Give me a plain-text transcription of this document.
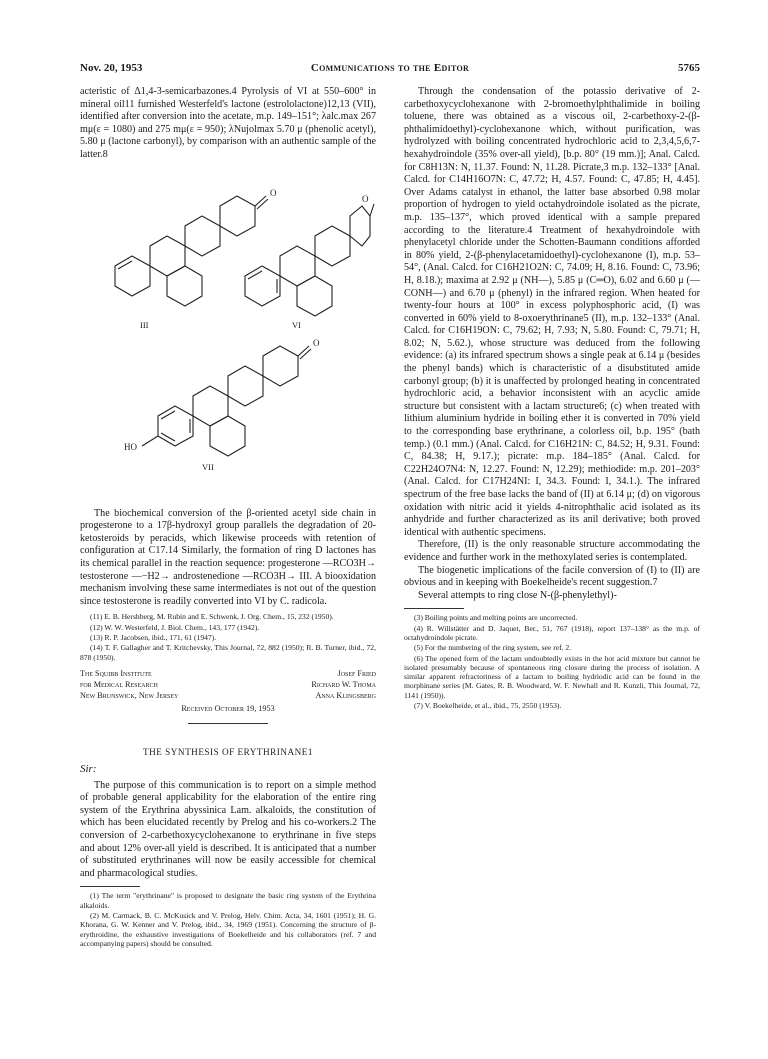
Nov. 20, 1953	Communications to the Editor	5765

acteristic of Δ1,4-3-semicarbazones.4 Pyrolysis of VI at 550–600° in mineral oil11 furnished Westerfeld's lactone (estrololactone)12,13 (VII), identified after conversion into the acetate, m.p. 149–151°; λalc.max 267 mμ(ε = 1080) and 275 mμ(ε = 950); λNujolmax 5.70 μ (phenolic acetyl), 5.80 μ (lactone carbonyl), by comparison with an authentic sample of the latter.8

O
O
O
III	VI
HO
VII

The biochemical conversion of the β-oriented acetyl side chain in progesterone to a 17β-hydroxyl group parallels the degradation of 20-ketosteroids by peracids, which likewise proceeds with retention of configuration at C17.14 Similarly, the formation of ring D lactones has its chemical parallel in the reaction sequence: progesterone —RCO3H→ testosterone —−H2→ androstenedione —RCO3H→ III. A biooxidation mechanism involving these same intermediates is not out of the question since testosterone is readily converted into VI by C. radicola.

(11) E. B. Hershberg, M. Rubin and E. Schwenk, J. Org. Chem., 15, 232 (1950).

(12) W. W. Westerfeld, J. Biol. Chem., 143, 177 (1942).

(13) R. P. Jacobsen, ibid., 171, 61 (1947).

(14) T. F. Gallagher and T. Kritchevsky, This Journal, 72, 882 (1950); R. B. Turner, ibid., 72, 878 (1950).

The Squibb Institute
for Medical Research
New Brunswick, New Jersey
Josef Fried
Richard W. Thoma
Anna Klingsberg
Received October 19, 1953
THE SYNTHESIS OF ERYTHRINANE1
Sir:

The purpose of this communication is to report on a simple method of probable general applicability for the elaboration of the entire ring system of the Erythrina abyssinica Lam. alkaloids, the constitution of which has been elucidated recently by Prelog and his co-workers.2 The conversion of 2-carbethoxycyclohexanone to erythrinane in five steps and about 12% over-all yield is described. It is anticipated that a number of substituted erythrinanes will now be easily accessible for chemical and pharmacological studies.

(1) The term "erythrinane" is proposed to designate the basic ring system of the Erythrina alkaloids.

(2) M. Carmack, B. C. McKusick and V. Prelog, Helv. Chim. Acta, 34, 1601 (1951); H. G. Khorana, G. W. Kenner and V. Prelog, ibid., 34, 1969 (1951). Concerning the structure of β-erythroidine, the exhaustive investigations of Boekelheide and his collaborators (ref. 7 and accompanying papers) should be consulted.

Through the condensation of the potassio derivative of 2-carbethoxycyclohexanone with 2-bromoethylphthalimide in boiling toluene, there was obtained as a viscous oil, 2-carbethoxy-2-(β-phthalimidoethyl)-cyclohexanone which, without purification, was hydrolyzed with boiling concentrated hydrochloric acid to 2,3,4,5,6,7-hexahydroindole (35% over-all yield), [b.p. 80° (19 mm.)]; Anal. Calcd. for C8H13N: N, 11.37. Found: N, 11.28. Picrate,3 m.p. 132–133° [Anal. Calcd. for C14H16O7N: C, 47.72; H, 4.57. Found: C, 47.85; H, 4.45]. Over Adams catalyst in ethanol, the latter base absorbed 0.98 molar proportion of hydrogen to yield octahydroindole isolated as the picrate, m.p. 135–137°, which proved identical with a sample prepared according to the literature.4 Treatment of hexahydroindole with phenylacetyl chloride under the Schotten-Baumann conditions afforded in 80% yield, 2-(β-phenylacetamidoethyl)-cyclohexanone (I), m.p. 53–54°, (Anal. Calcd. for C16H21O2N: C, 74.09; H, 8.16. Found: C, 73.96; H, 8.18.); maxima at 2.92 μ (NH—), 5.85 μ (C═O), 6.02 and 6.60 μ (—CONH—) and 6.70 μ (phenyl) in the infrared region. When heated for twenty-four hours at 100° in excess polyphosphoric acid, (I) was converted in 60% yield to 8-oxoerythrinane5 (II), m.p. 132–133° (Anal. Calcd. for C16H19ON: C, 79.62; H, 7.93; N, 5.80. Found: C, 79.71; H, 8.02; N, 5.62.), whose structure was deduced from the following evidence: (a) its infrared spectrum shows a single peak at 6.14 μ (besides the phenyl bands) which is characteristic of a disubstituted amide carbonyl group; (b) it is unaffected by prolonged heating in concentrated hydrochloric acid, a behavior inconsistent with an acyclic amide structure but consistent with a lactam structure6; (c) when treated with lithium aluminium hydride in boiling ether it is converted in 70% yield to the corresponding base erythrinane, a colorless oil, b.p. 195° (bath temp.) (0.1 mm.) (Anal. Calcd. for C16H21N: C, 84.52; H, 9.31. Found: C, 84.38; H, 9.17.); picrate: m.p. 184–185° (Anal. Calcd. for C22H24O7N4: N, 12.27. Found: N, 12.29); methiodide: m.p. 201–203° (Anal. Calcd. for C17H24NI: I, 34.3. Found: I, 34.1.). The infrared spectrum of the free base lacks the band of (II) at 6.14 μ; (d) on vigorous oxidation with nitric acid it yields 4-nitrophthalic acid isolated as its anhydride and further characterized as its anil derivative; both proved identical with authentic specimens.

Therefore, (II) is the only reasonable structure accommodating the evidence and further work in the methoxylated series is contemplated.

The biogenetic implications of the facile conversion of (I) to (II) are obvious and in keeping with Boekelheide's recent suggestion.7

Several attempts to ring close N-(β-phenylethyl)-

(3) Boiling points and melting points are uncorrected.

(4) R. Willstätter and D. Jaquet, Ber., 51, 767 (1918), report 137–138° as the m.p. of octahydroindole picrate.

(5) For the numbering of the ring system, see ref. 2.

(6) The opened form of the lactam undoubtedly exists in the hot acid mixture but cannot be isolated presumably because of spontaneous ring closure during the process of isolation. A similar apparent refractoriness of a lactam to boiling hydriodic acid can be found in the morphinane series (M. Gates, R. B. Woodward, W. F. Newhall and R. Kunzli, This Journal, 72, 1141 (1950)).

(7) V. Boekelheide, et al., ibid., 75, 2550 (1953).
